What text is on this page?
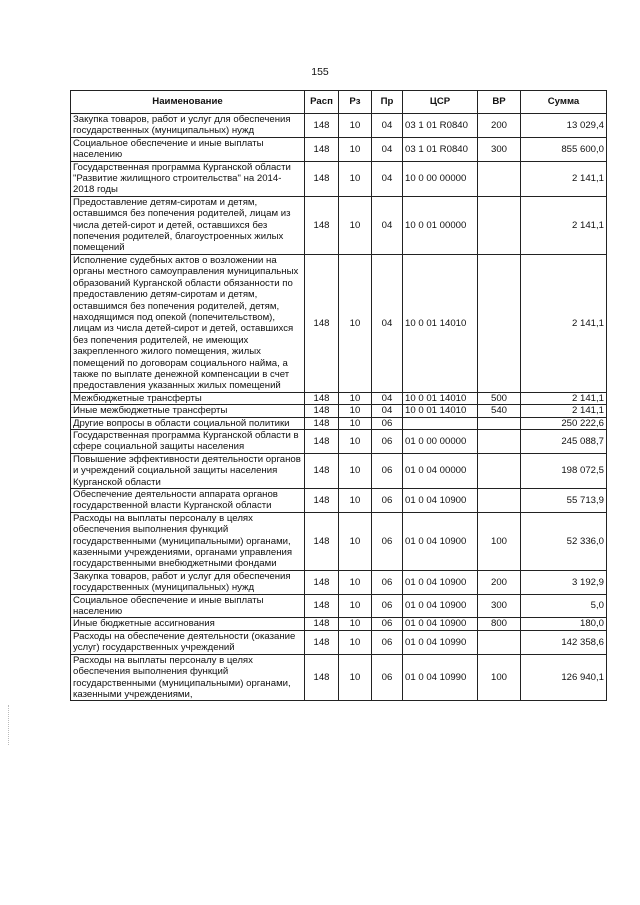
155
Наименование	Расп	Рз	Пр	ЦСР	ВР	Сумма
Закупка товаров, работ и услуг для обеспечения государственных (муниципальных) нужд	148	10	04	03 1 01 R0840	200	13 029,4
Социальное обеспечение и иные выплаты населению	148	10	04	03 1 01 R0840	300	855 600,0
Государственная программа Курганской области "Развитие жилищного строительства" на 2014-2018 годы	148	10	04	10 0 00 00000		2 141,1
Предоставление детям-сиротам и детям, оставшимся без попечения родителей, лицам из числа детей-сирот и детей, оставшихся без попечения родителей, благоустроенных жилых помещений	148	10	04	10 0 01 00000		2 141,1
Исполнение судебных актов о возложении на органы местного самоуправления муниципальных образований Курганской области обязанности по предоставлению детям-сиротам и детям, оставшимся без попечения родителей, детям, находящимся под опекой (попечительством), лицам из числа детей-сирот и детей, оставшихся без попечения родителей, не имеющих закрепленного жилого помещения, жилых помещений по договорам социального найма, а также по выплате денежной компенсации в счет предоставления указанных жилых помещений	148	10	04	10 0 01 14010		2 141,1
Межбюджетные трансферты	148	10	04	10 0 01 14010	500	2 141,1
Иные межбюджетные трансферты	148	10	04	10 0 01 14010	540	2 141,1
Другие вопросы в области социальной политики	148	10	06			250 222,6
Государственная программа Курганской области в сфере социальной защиты населения	148	10	06	01 0 00 00000		245 088,7
Повышение эффективности деятельности органов и учреждений социальной защиты населения Курганской области	148	10	06	01 0 04 00000		198 072,5
Обеспечение деятельности аппарата органов государственной власти Курганской области	148	10	06	01 0 04 10900		55 713,9
Расходы на выплаты персоналу в целях обеспечения выполнения функций государственными (муниципальными) органами, казенными учреждениями, органами управления государственными внебюджетными фондами	148	10	06	01 0 04 10900	100	52 336,0
Закупка товаров, работ и услуг для обеспечения государственных (муниципальных) нужд	148	10	06	01 0 04 10900	200	3 192,9
Социальное обеспечение и иные выплаты населению	148	10	06	01 0 04 10900	300	5,0
Иные бюджетные ассигнования	148	10	06	01 0 04 10900	800	180,0
Расходы на обеспечение деятельности (оказание услуг) государственных учреждений	148	10	06	01 0 04 10990		142 358,6
Расходы на выплаты персоналу в целях обеспечения выполнения функций государственными (муниципальными) органами, казенными учреждениями,	148	10	06	01 0 04 10990	100	126 940,1
